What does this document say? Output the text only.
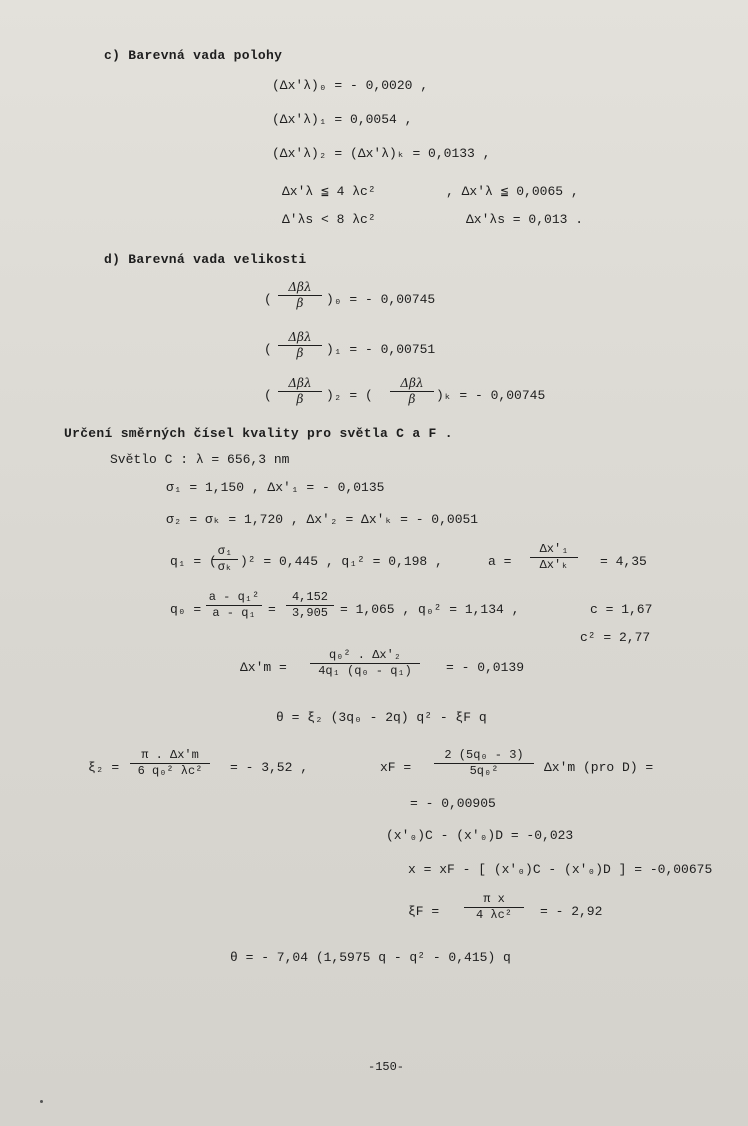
c) Barevná vada polohy
(Δx'λ)₀ = - 0,0020 ,
(Δx'λ)₁ = 0,0054 ,
(Δx'λ)₂ = (Δx'λ)ₖ = 0,0133 ,
Δx'λ ≦ 4 λc²	, Δx'λ ≦ 0,0065 ,
Δ'λs < 8 λc²	Δx'λs = 0,013 .
d) Barevná vada velikosti
(
Δβλ
β	)₀ = - 0,00745
(
Δβλ
β	)₁ = - 0,00751
(
Δβλ
β	)₂ = (
Δβλ
β	)ₖ = - 0,00745
Určení směrných čísel kvality pro světla C a F .
Světlo C : λ = 656,3 nm
σ₁ = 1,150 , Δx'₁ = - 0,0135
σ₂ = σₖ = 1,720 , Δx'₂ = Δx'ₖ = - 0,0051
q₁ = (
$\frac{\text{σ₁}}{\text{σₖ}} )^2 = 0,445$ , q₁² = 0,198 ,	$a = \frac{\text{Δx'₁}}{\text{Δx'ₖ}} = 4,35$
$q_0 = \frac{\text{a - q₁²}}{\text{a - q₁}} = \frac{4,152}{3,905} = 1,065$ , q₀² = 1,134 ,	c = 1,67
c² = 2,77
$\Delta x'm = \frac{\text{q₀² . Δx'₂}}{\text{4q₁ (q₀ - q₁)}}$ = - 0,0139
θ = ξ₂ (3q₀ - 2q) q² - ξF q
$\xi_2 = \frac{\pi . \Delta x'm}{\text{6 q₀² λc²}}$ = - 3,52 ,	xF = $\frac{\text{2 (5q₀ - 3)}}{\text{5q₀²}} \Delta x'm$ (pro D) =
= - 0,00905
(x'₀)C - (x'₀)D = -0,023
x = xF - [ (x'₀)C - (x'₀)D ] = -0,00675
$\xi F = \frac{\text{π x}}{\text{4 λc²}}$ = - 2,92
θ = - 7,04 (1,5975 q - q² - 0,415) q
-150-
